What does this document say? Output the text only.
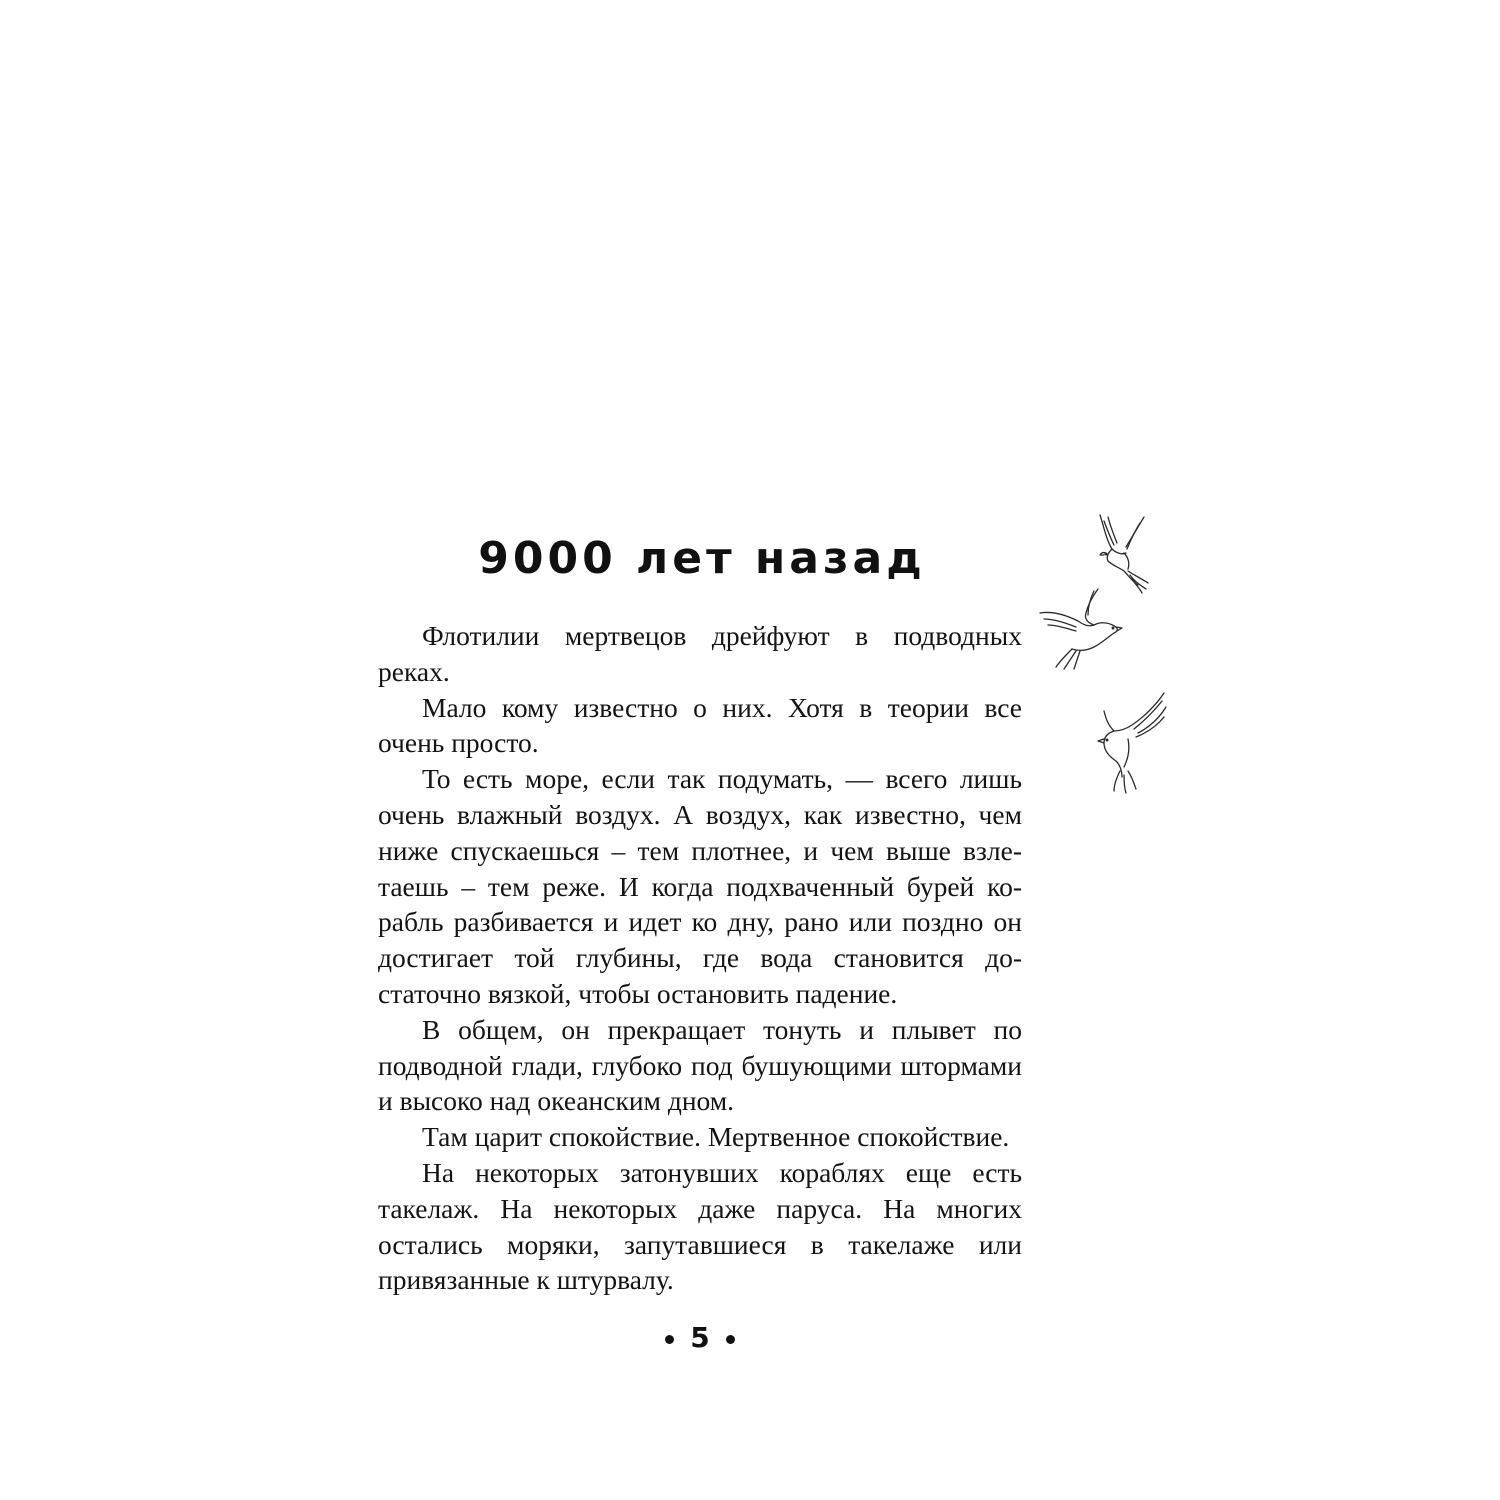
9000 лет назад

Флотилии мертвецов дрейфуют в подводных реках.

Мало кому известно о них. Хотя в теории все очень просто.

То есть море, если так подумать, — всего лишь очень влажный воздух. А воздух, как известно, чем ниже спускаешься – тем плотнее, и чем выше взлетаешь – тем реже. И когда подхваченный бурей корабль разбивается и идет ко дну, рано или поздно он достигает той глубины, где вода становится достаточно вязкой, чтобы остановить падение.

В общем, он прекращает тонуть и плывет по подводной глади, глубоко под бушующими штормами и высоко над океанским дном.

Там царит спокойствие. Мертвенное спокойствие.

На некоторых затонувших кораблях еще есть такелаж. На некоторых даже паруса. На многих остались моряки, запутавшиеся в такелаже или привязанные к штурвалу.

5
